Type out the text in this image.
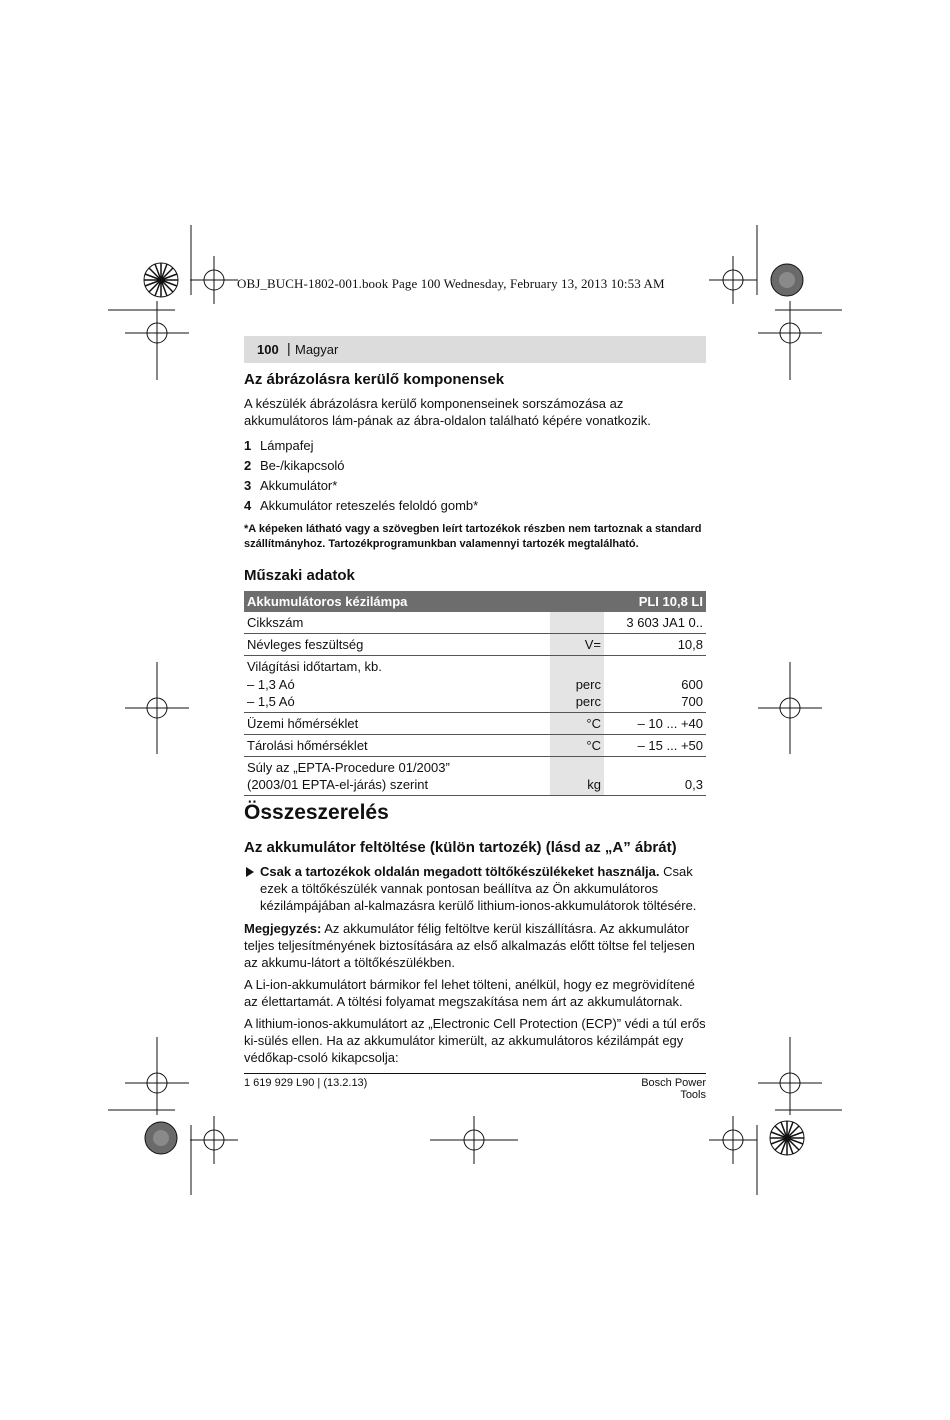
OBJ_BUCH-1802-001.book Page 100 Wednesday, February 13, 2013 10:53 AM
100 | Magyar
Az ábrázolásra kerülő komponensek

A készülék ábrázolásra kerülő komponenseinek sorszámozása az akkumulátoros lám-pának az ábra-oldalon található képére vonatkozik.

1 Lámpafej
2 Be-/kikapcsoló
3 Akkumulátor*
4 Akkumulátor reteszelés feloldó gomb*
*A képeken látható vagy a szövegben leírt tartozékok részben nem tartoznak a standard szállítmányhoz. Tartozékprogramunkban valamennyi tartozék megtalálható.
Műszaki adatok
Akkumulátoros kézilámpa		PLI 10,8 LI
Cikkszám		3 603 JA1 0..
Névleges feszültség	V=	10,8
Világítási időtartam, kb.		
– 1,3 Aó	perc	600
– 1,5 Aó	perc	700
Üzemi hőmérséklet	°C	– 10 ... +40
Tárolási hőmérséklet	°C	– 15 ... +50
Súly az „EPTA-Procedure 01/2003” (2003/01 EPTA-el-járás) szerint	kg	0,3
Összeszerelés
Az akkumulátor feltöltése (külön tartozék) (lásd az „A” ábrát)
Csak a tartozékok oldalán megadott töltőkészülékeket használja. Csak ezek a töltőkészülék vannak pontosan beállítva az Ön akkumulátoros kézilámpájában al-kalmazásra kerülő lithium-ionos-akkumulátorok töltésére.

Megjegyzés: Az akkumulátor félig feltöltve kerül kiszállításra. Az akkumulátor teljes teljesítményének biztosítására az első alkalmazás előtt töltse fel teljesen az akkumu-látort a töltőkészülékben.

A Li-ion-akkumulátort bármikor fel lehet tölteni, anélkül, hogy ez megrövidítené az élettartamát. A töltési folyamat megszakítása nem árt az akkumulátornak.

A lithium-ionos-akkumulátort az „Electronic Cell Protection (ECP)” védi a túl erős ki-sülés ellen. Ha az akkumulátor kimerült, az akkumulátoros kézilámpát egy védőkap-csoló kikapcsolja:

1 619 929 L90 | (13.2.13)	Bosch Power Tools
